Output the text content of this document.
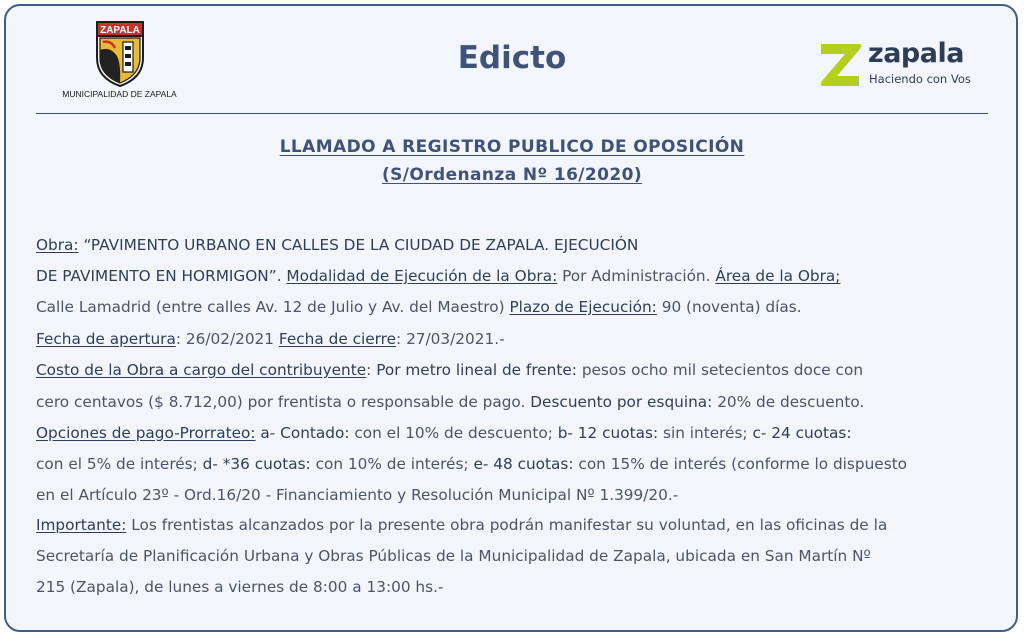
ZAPALA
MUNICIPALIDAD DE ZAPALA
Edicto	zapala
Haciendo con Vos
LLAMADO A REGISTRO PUBLICO DE OPOSICIÓN
(S/Ordenanza Nº 16/2020)
Obra: “PAVIMENTO URBANO EN CALLES DE LA CIUDAD DE ZAPALA. EJECUCIÓN
DE PAVIMENTO EN HORMIGON”. Modalidad de Ejecución de la Obra: Por Administración. Área de la Obra;
Calle Lamadrid (entre calles Av. 12 de Julio y Av. del Maestro) Plazo de Ejecución: 90 (noventa) días.
Fecha de apertura: 26/02/2021 Fecha de cierre: 27/03/2021.-
Costo de la Obra a cargo del contribuyente: Por metro lineal de frente: pesos ocho mil setecientos doce con
cero centavos ($ 8.712,00) por frentista o responsable de pago. Descuento por esquina: 20% de descuento.
Opciones de pago-Prorrateo: a- Contado: con el 10% de descuento; b- 12 cuotas: sin interés; c- 24 cuotas:
con el 5% de interés; d- *36 cuotas: con 10% de interés; e- 48 cuotas: con 15% de interés (conforme lo dispuesto
en el Artículo 23º - Ord.16/20 - Financiamiento y Resolución Municipal Nº 1.399/20.-
Importante: Los frentistas alcanzados por la presente obra podrán manifestar su voluntad, en las oficinas de la
Secretaría de Planificación Urbana y Obras Públicas de la Municipalidad de Zapala, ubicada en San Martín Nº
215 (Zapala), de lunes a viernes de 8:00 a 13:00 hs.-
